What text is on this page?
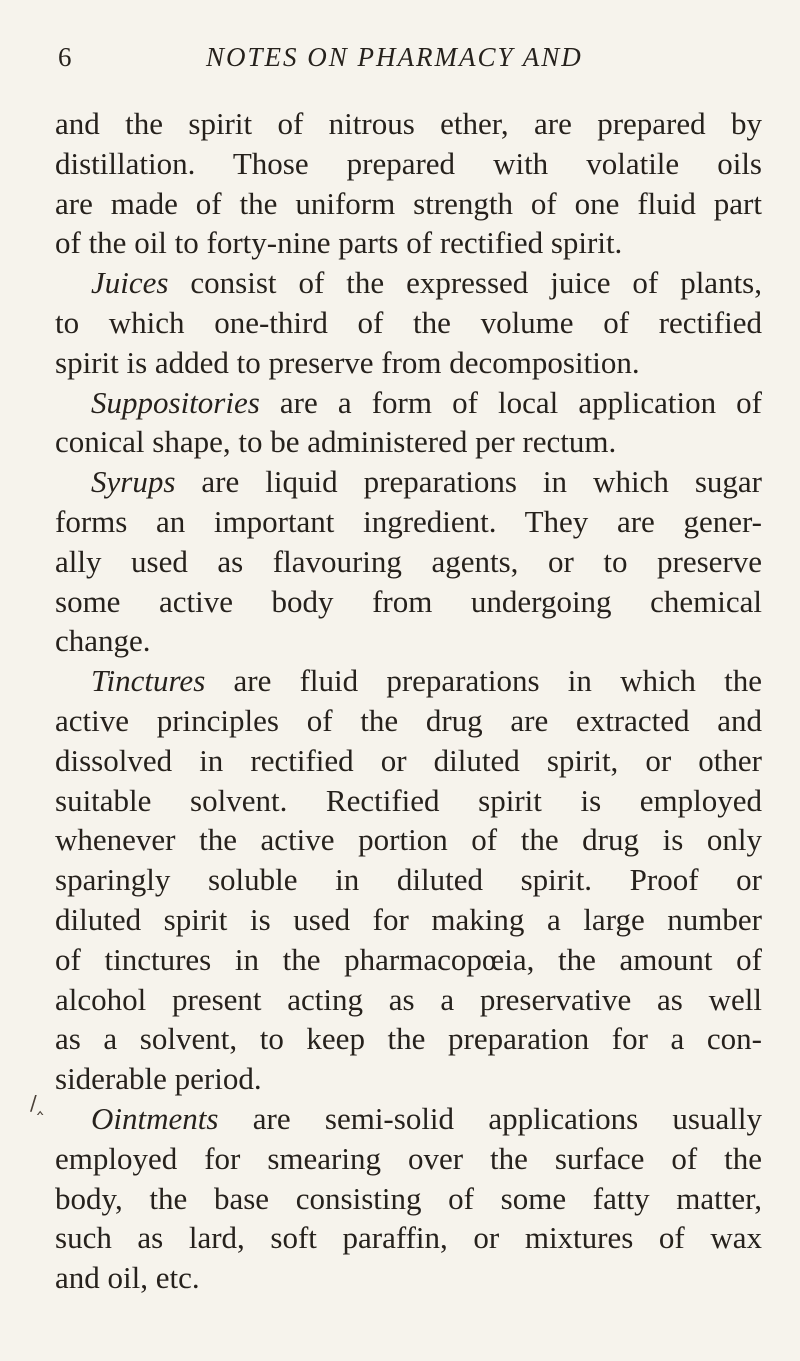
6	NOTES ON PHARMACY AND
/‸
and the spirit of nitrous ether, are prepared by
distillation. Those prepared with volatile oils
are made of the uniform strength of one fluid part
of the oil to forty-nine parts of rectified spirit.
Juices consist of the expressed juice of plants,
to which one-third of the volume of rectified
spirit is added to preserve from decomposition.
Suppositories are a form of local application of
conical shape, to be administered per rectum.
Syrups are liquid preparations in which sugar
forms an important ingredient. They are gener-
ally used as flavouring agents, or to preserve
some active body from undergoing chemical
change.
Tinctures are fluid preparations in which the
active principles of the drug are extracted and
dissolved in rectified or diluted spirit, or other
suitable solvent. Rectified spirit is employed
whenever the active portion of the drug is only
sparingly soluble in diluted spirit. Proof or
diluted spirit is used for making a large number
of tinctures in the pharmacopœia, the amount of
alcohol present acting as a preservative as well
as a solvent, to keep the preparation for a con-
siderable period.
Ointments are semi-solid applications usually
employed for smearing over the surface of the
body, the base consisting of some fatty matter,
such as lard, soft paraffin, or mixtures of wax
and oil, etc.
